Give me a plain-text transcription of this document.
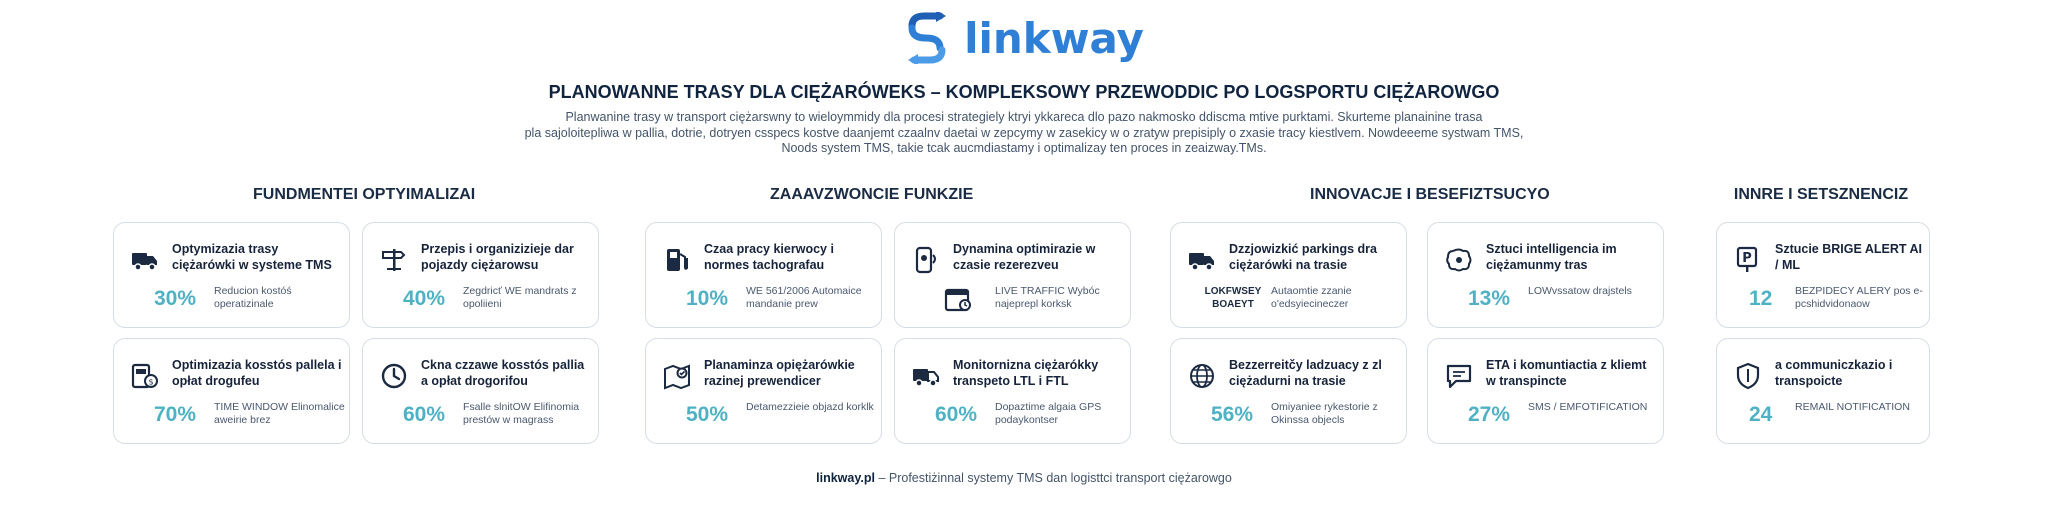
linkway
PLANOWANNE TRASY DLA CIĘŻARÓWEKS – KOMPLEKSOWY PRZEWODDIC PO LOGSPORTU CIĘŻAROWGO
Planwanine trasy w transport ciężarswny to wieloymmidy dla procesi strategiely ktryi ykkareca dlo pazo nakmosko ddiscma mtive purktami. Skurteme planainine trasa
pla sajoloitepliwa w pallia, dotrie, dotryen csspecs kostve daanjemt czaalnv daetai w zepcymy w zasekicy w o zratyw prepisiply o zxasie tracy kiestlvem. Nowdeeeme systwam TMS,
Noods system TMS, takie tcak aucmdiastamy i optimalizay ten proces in zeaizway.TMs.
FUNDMENTEI OPTYIMALIZAI	ZAAAVZWONCIE FUNKZIE	INNOVACJE I BESEFIZTSUCYO	INNRE I SETSZNENCIZ
Optymizazia trasy ciężarówki w systeme TMS
30% Reducion kostóś operatizinale
Przepis i organizizieje dar pojazdy ciężarowsu
40% Zegdricť WE mandrats z opoliieni
$
Optimizazia kosstós pallela i opłat drogufeu
70% TIME WINDOW Elinomalice aweirie brez
Ckna czzawe kosstós pallia a opłat drogorifou
60% Fsalle slnitOW Elifinomia prestów w magrass
Czaa pracy kierwocy i normes tachografau
10% WE 561/2006 Automaice mandanie prew
Dynamina optimirazie w czasie rezerezveu
LIVE TRAFFIC Wybóc najeprepl korksk
Planaminza opiężarówkie razinej prewendicer
50% Detamezzieie objazd korklk
Monitornizna ciężarókky transpeto LTL i FTL
60% Dopaztime algaia GPS podaykontser
Dzzjowizkić parkings dra ciężarówki na trasie
LOKFWSEY BOAEYT
Autaomtie zzanie o'edsyiecineczer
Sztuci intelligencia im ciężamunmy tras
13% LOWvssatow drajstels
Bezzerreitčy ladzuacy z zl ciężadurni na trasie
56% Omiyaniee rykestorie z Okinssa objecls
ETA i komuntiactia z kliemt w transpincte
27% SMS / EMFOTIFICATION
P
Sztucie BRIGE ALERT AI / ML
12 BEZPIDECY ALERY pos e-pcshidvidonaow
a communiczkazio i transpoicte
24 REMAIL NOTIFICATION
linkway.pl – Profestiżinnal systemy TMS dan logisttci transport ciężarowgo
